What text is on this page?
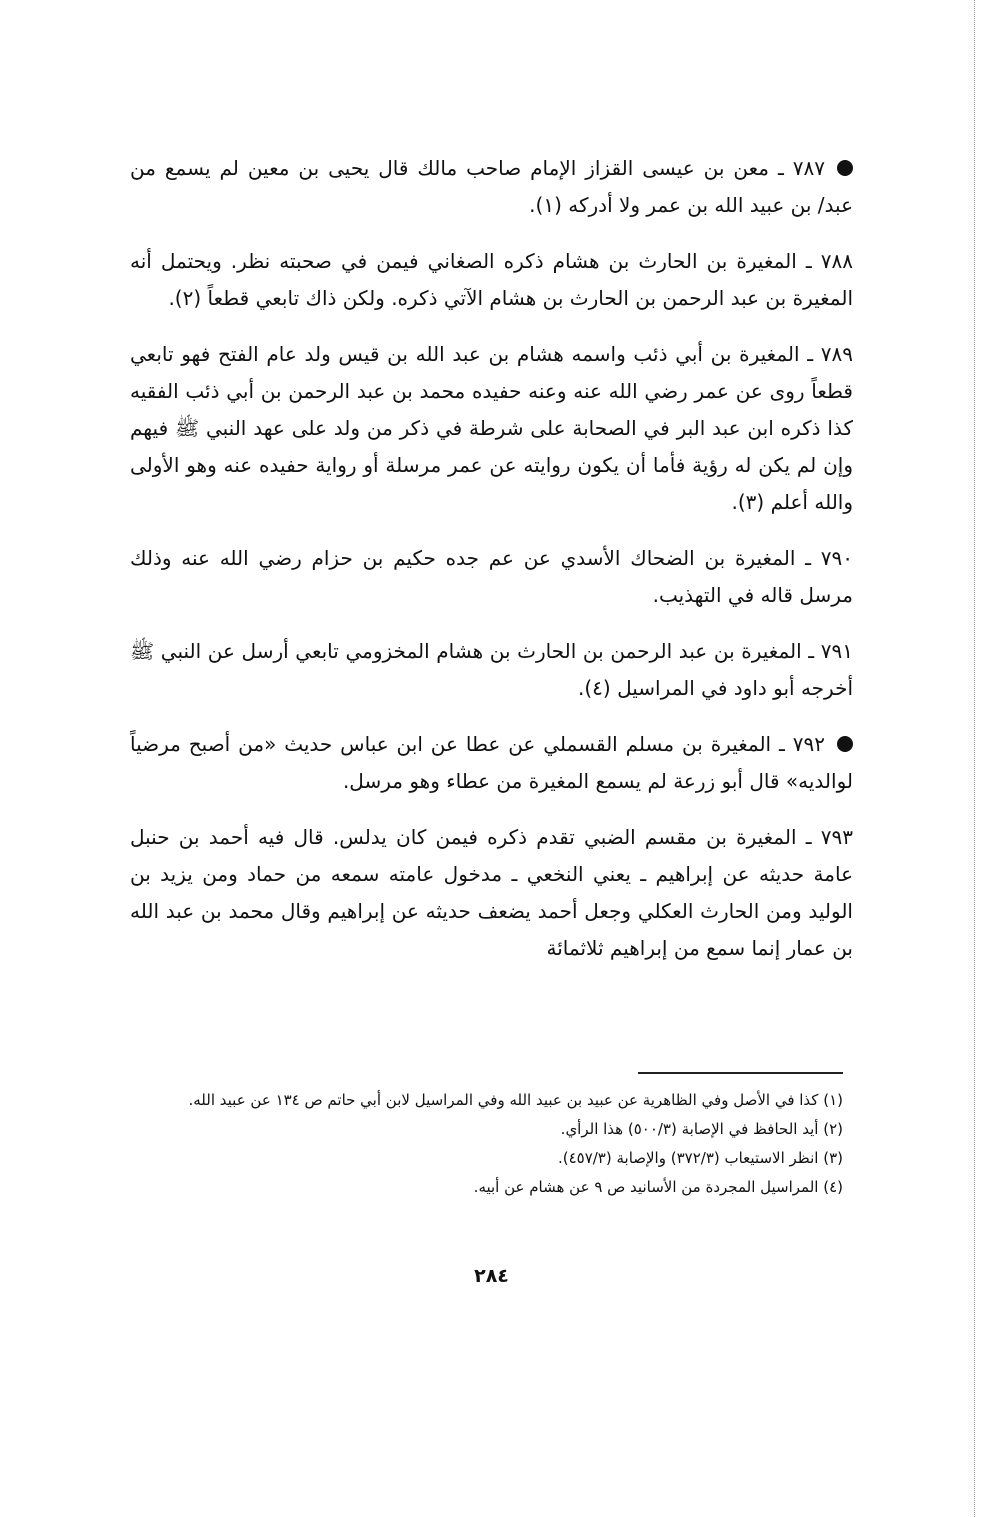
٧٨٧ ـ معن بن عيسى القزاز الإمام صاحب مالك قال يحيى بن معين لم يسمع من عبد/ بن عبيد الله بن عمر ولا أدركه (١).

٧٨٨ ـ المغيرة بن الحارث بن هشام ذكره الصغاني فيمن في صحبته نظر. ويحتمل أنه المغيرة بن عبد الرحمن بن الحارث بن هشام الآتي ذكره. ولكن ذاك تابعي قطعاً (٢).

٧٨٩ ـ المغيرة بن أبي ذئب واسمه هشام بن عبد الله بن قيس ولد عام الفتح فهو تابعي قطعاً روى عن عمر رضي الله عنه وعنه حفيده محمد بن عبد الرحمن بن أبي ذئب الفقيه كذا ذكره ابن عبد البر في الصحابة على شرطة في ذكر من ولد على عهد النبي ﷺ فيهم وإن لم يكن له رؤية فأما أن يكون روايته عن عمر مرسلة أو رواية حفيده عنه وهو الأولى والله أعلم (٣).

٧٩٠ ـ المغيرة بن الضحاك الأسدي عن عم جده حكيم بن حزام رضي الله عنه وذلك مرسل قاله في التهذيب.

٧٩١ ـ المغيرة بن عبد الرحمن بن الحارث بن هشام المخزومي تابعي أرسل عن النبي ﷺ أخرجه أبو داود في المراسيل (٤).

٧٩٢ ـ المغيرة بن مسلم القسملي عن عطا عن ابن عباس حديث «من أصبح مرضياً لوالديه» قال أبو زرعة لم يسمع المغيرة من عطاء وهو مرسل.

٧٩٣ ـ المغيرة بن مقسم الضبي تقدم ذكره فيمن كان يدلس. قال فيه أحمد بن حنبل عامة حديثه عن إبراهيم ـ يعني النخعي ـ مدخول عامته سمعه من حماد ومن يزيد بن الوليد ومن الحارث العكلي وجعل أحمد يضعف حديثه عن إبراهيم وقال محمد بن عبد الله بن عمار إنما سمع من إبراهيم ثلاثمائة

(١) كذا في الأصل وفي الظاهرية عن عبيد بن عبيد الله وفي المراسيل لابن أبي حاتم ص ١٣٤ عن عبيد الله.

(٢) أيد الحافظ في الإصابة (٥٠٠/٣) هذا الرأي.

(٣) انظر الاستيعاب (٣٧٢/٣) والإصابة (٤٥٧/٣).

(٤) المراسيل المجردة من الأسانيد ص ٩ عن هشام عن أبيه.

٢٨٤
